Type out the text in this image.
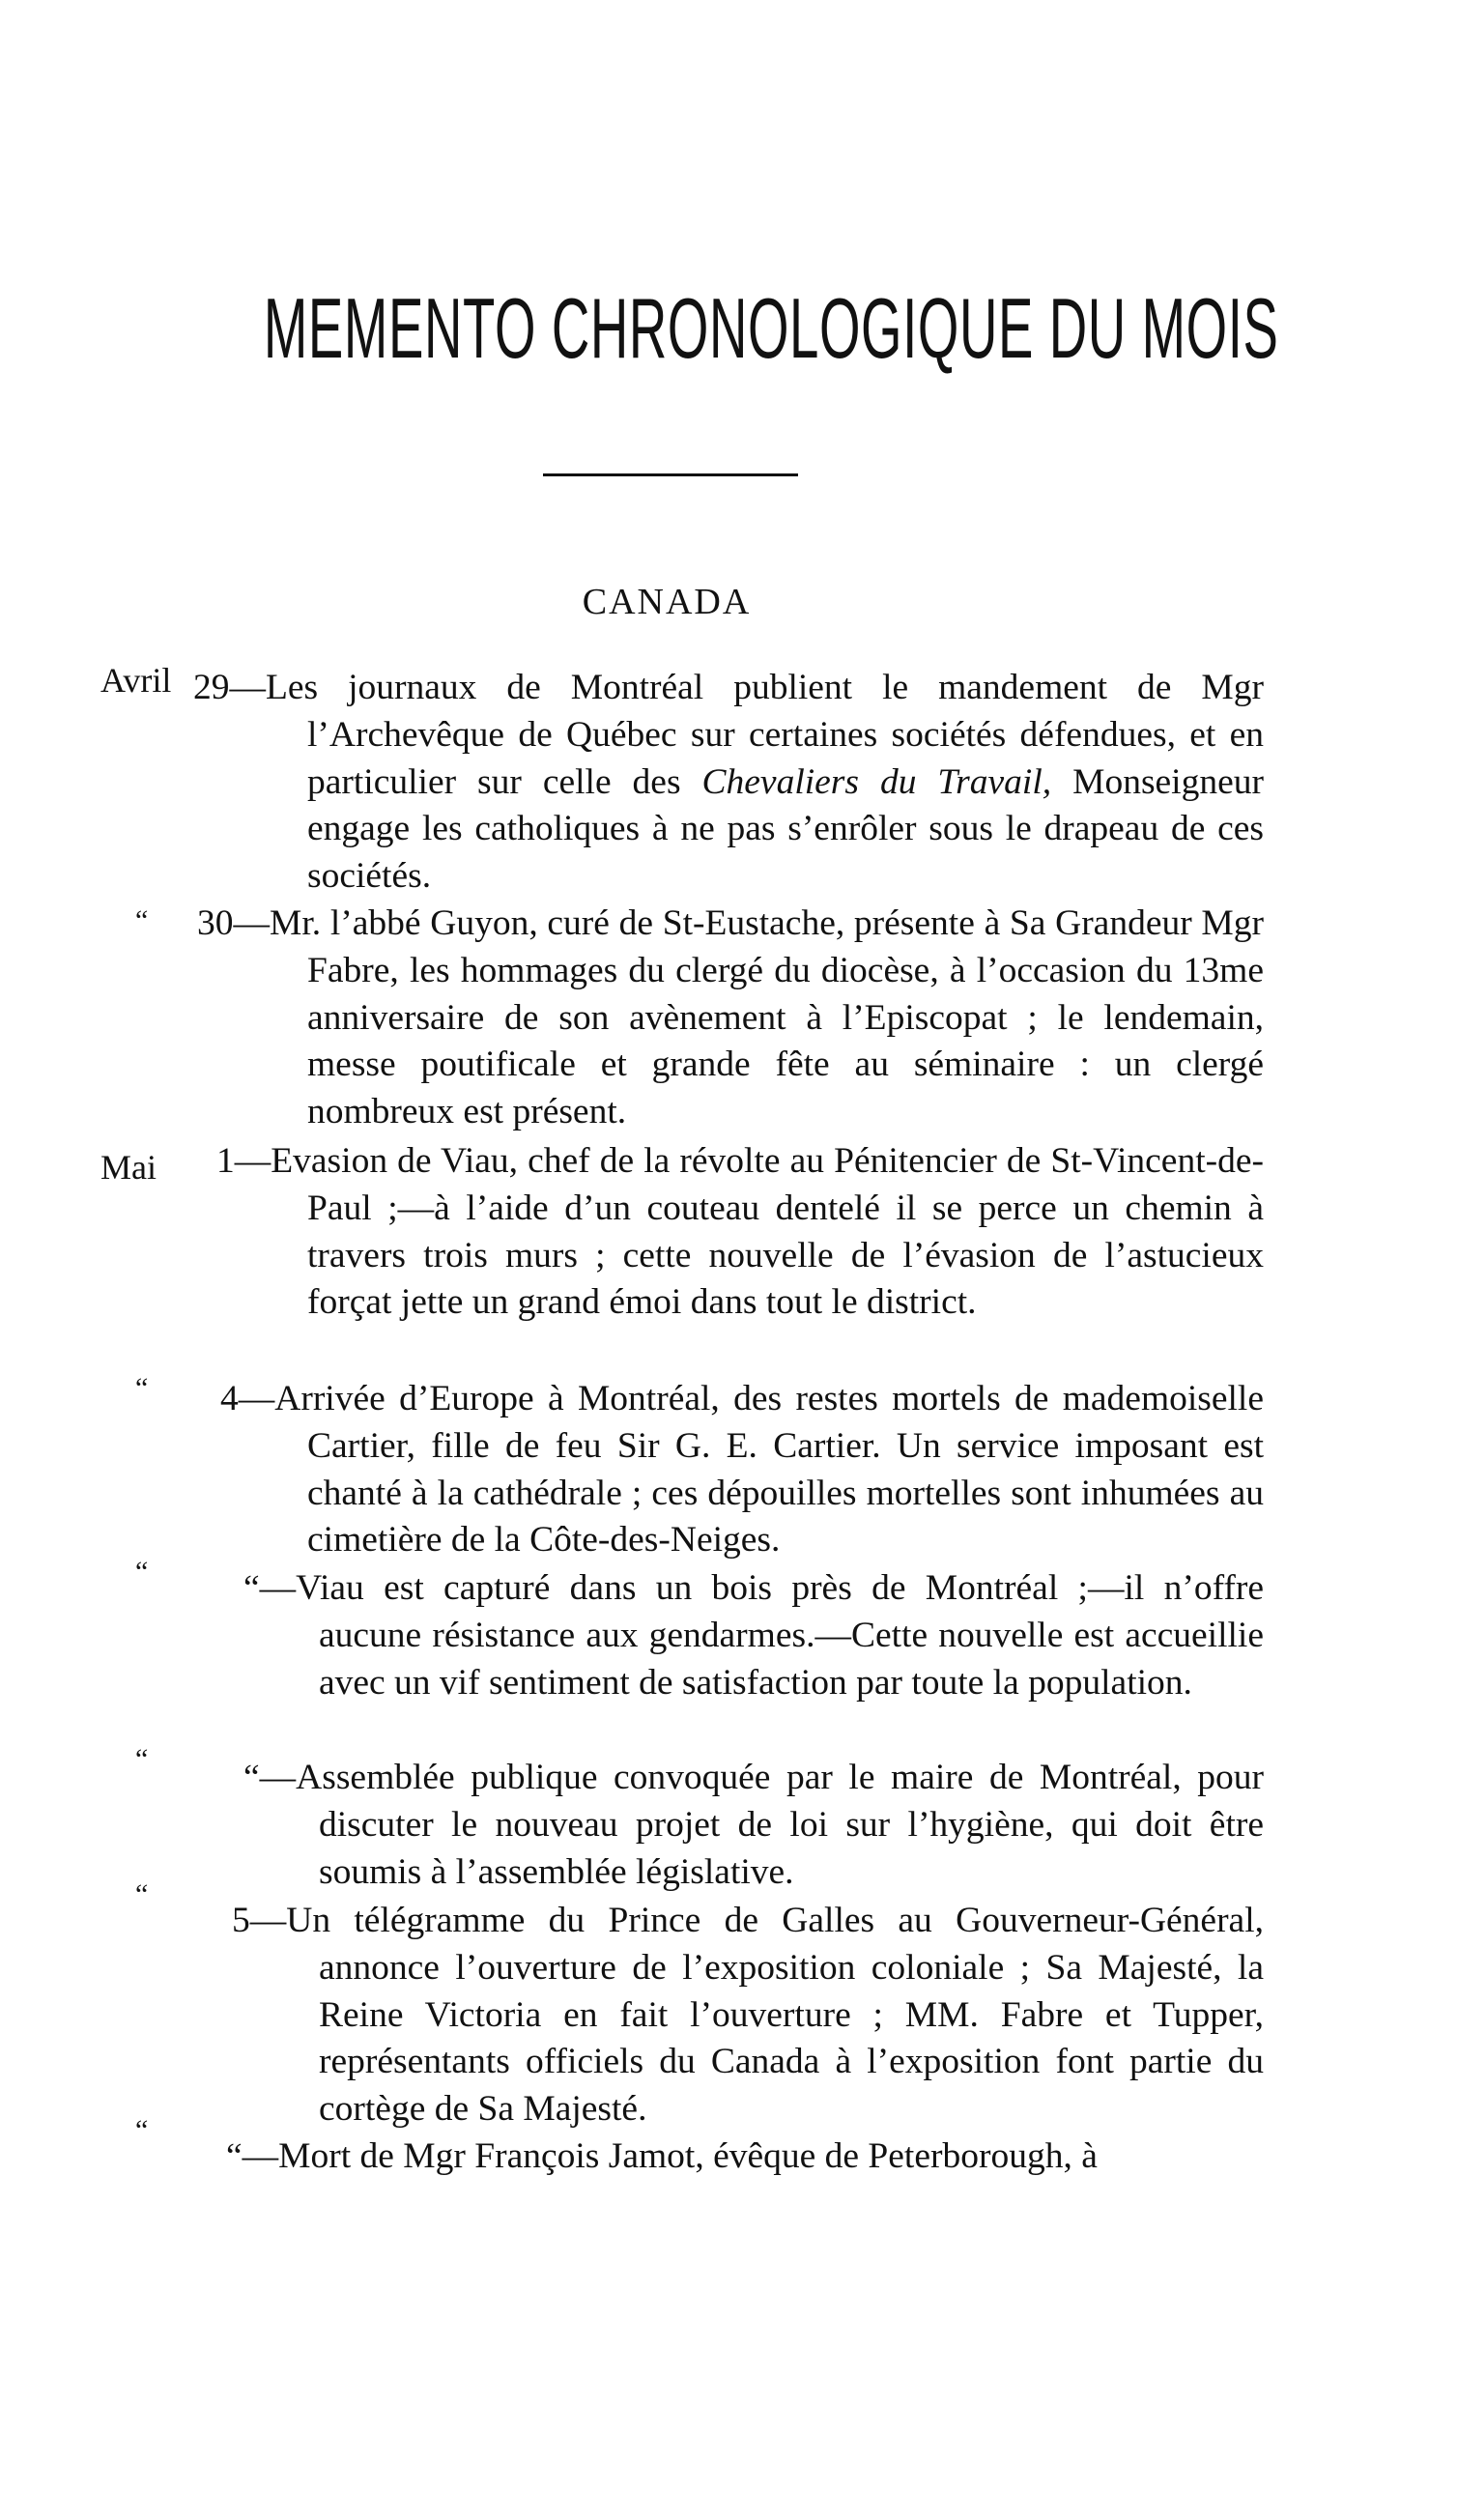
MEMENTO CHRONOLOGIQUE DU MOIS
CANADA
Avril 29—Les journaux de Montréal publient le mandement de Mgr l’Archevêque de Québec sur certaines sociétés défendues, et en particulier sur celle des Chevaliers du Travail, Monseigneur engage les catholiques à ne pas s’enrôler sous le drapeau de ces sociétés.

“ 30—Mr. l’abbé Guyon, curé de St-Eustache, présente à Sa Grandeur Mgr Fabre, les hommages du clergé du diocèse, à l’occasion du 13me anniversaire de son avènement à l’Episcopat ; le lendemain, messe poutificale et grande fête au séminaire : un clergé nombreux est présent.

Mai 1—Evasion de Viau, chef de la révolte au Pénitencier de St-Vincent-de-Paul ;—à l’aide d’un couteau dentelé il se perce un chemin à travers trois murs ; cette nouvelle de l’évasion de l’astucieux forçat jette un grand émoi dans tout le district.

“ 4—Arrivée d’Europe à Montréal, des restes mortels de mademoiselle Cartier, fille de feu Sir G. E. Cartier. Un service imposant est chanté à la cathédrale ; ces dépouilles mortelles sont inhumées au cimetière de la Côte-des-Neiges.

“	“—Viau est capturé dans un bois près de Montréal ;—il n’offre aucune résistance aux gendarmes.—Cette nouvelle est accueillie avec un vif sentiment de satisfaction par toute la population.

“	“—Assemblée publique convoquée par le maire de Montréal, pour discuter le nouveau projet de loi sur l’hygiène, qui doit être soumis à l’assemblée législative.

“

5—Un télégramme du Prince de Galles au Gouverneur-Général, annonce l’ouverture de l’exposition coloniale ; Sa Majesté, la Reine Victoria en fait l’ouverture ; MM. Fabre et Tupper, représentants officiels du Canada à l’exposition font partie du cortège de Sa Majesté.

“

“—Mort de Mgr François Jamot, évêque de Peterborough, à
